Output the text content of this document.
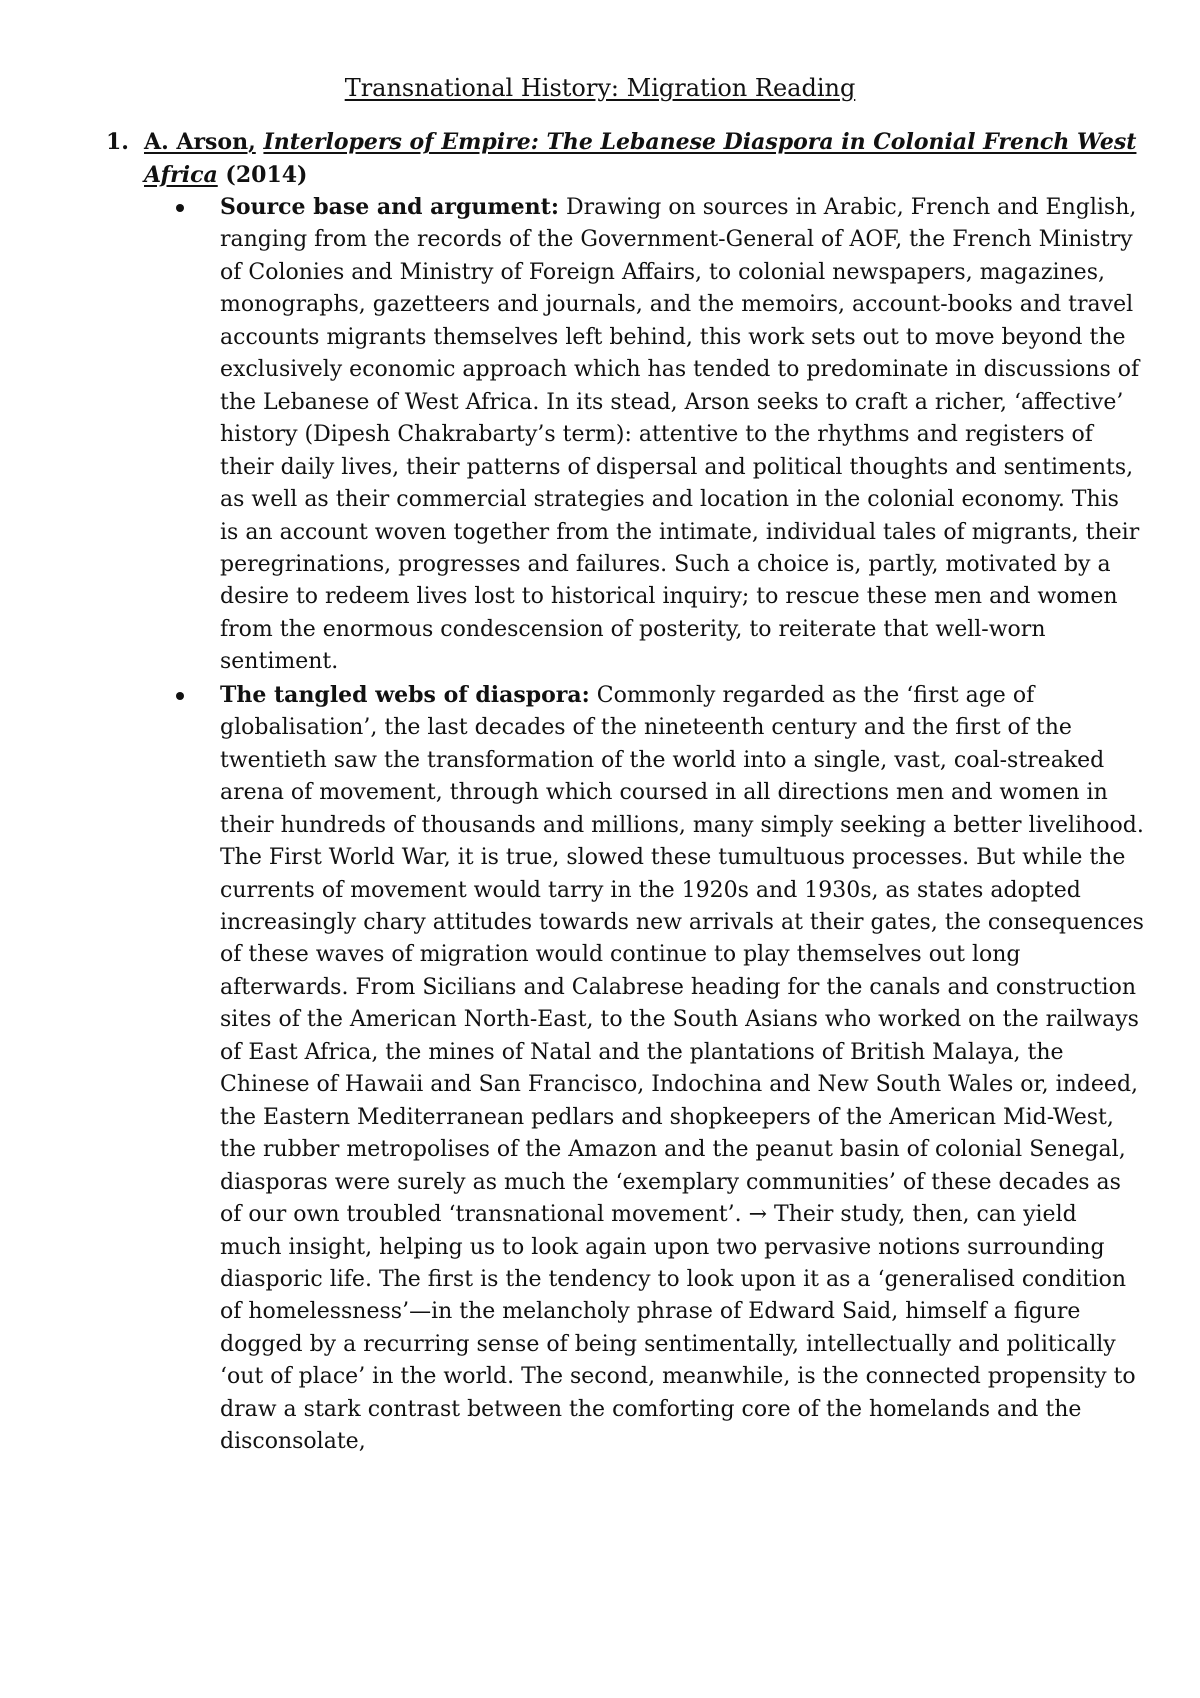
Transnational History: Migration Reading
1. A. Arson, Interlopers of Empire: The Lebanese Diaspora in Colonial French West Africa (2014)
Source base and argument: Drawing on sources in Arabic, French and English, ranging from the records of the Government-General of AOF, the French Ministry of Colonies and Ministry of Foreign Affairs, to colonial newspapers, magazines, monographs, gazetteers and journals, and the memoirs, account-books and travel accounts migrants themselves left behind, this work sets out to move beyond the exclusively economic approach which has tended to predominate in discussions of the Lebanese of West Africa. In its stead, Arson seeks to craft a richer, ‘affective’ history (Dipesh Chakrabarty’s term): attentive to the rhythms and registers of their daily lives, their patterns of dispersal and political thoughts and sentiments, as well as their commercial strategies and location in the colonial economy. This is an account woven together from the intimate, individual tales of migrants, their peregrinations, progresses and failures. Such a choice is, partly, motivated by a desire to redeem lives lost to historical inquiry; to rescue these men and women from the enormous condescension of posterity, to reiterate that well-worn sentiment.
The tangled webs of diaspora: Commonly regarded as the ‘first age of globalisation’, the last decades of the nineteenth century and the first of the twentieth saw the transformation of the world into a single, vast, coal-streaked arena of movement, through which coursed in all directions men and women in their hundreds of thousands and millions, many simply seeking a better livelihood. The First World War, it is true, slowed these tumultuous processes. But while the currents of movement would tarry in the 1920s and 1930s, as states adopted increasingly chary attitudes towards new arrivals at their gates, the consequences of these waves of migration would continue to play themselves out long afterwards. From Sicilians and Calabrese heading for the canals and construction sites of the American North-East, to the South Asians who worked on the railways of East Africa, the mines of Natal and the plantations of British Malaya, the Chinese of Hawaii and San Francisco, Indochina and New South Wales or, indeed, the Eastern Mediterranean pedlars and shopkeepers of the American Mid-West, the rubber metropolises of the Amazon and the peanut basin of colonial Senegal, diasporas were surely as much the ‘exemplary communities’ of these decades as of our own troubled ‘transnational movement’. → Their study, then, can yield much insight, helping us to look again upon two pervasive notions surrounding diasporic life. The first is the tendency to look upon it as a ‘generalised condition of homelessness’—in the melancholy phrase of Edward Said, himself a figure dogged by a recurring sense of being sentimentally, intellectually and politically ‘out of place’ in the world. The second, meanwhile, is the connected propensity to draw a stark contrast between the comforting core of the homelands and the disconsolate,
